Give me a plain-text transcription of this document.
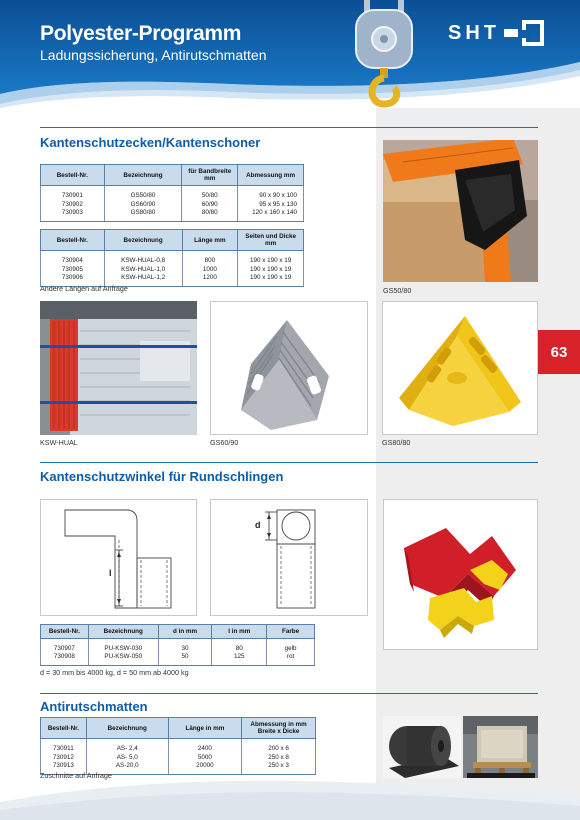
Polyester-Programm
Ladungssicherung, Antirutschmatten
SHT
63
Kantenschutzecken/Kantenschoner
Bestell-Nr.	Bezeichnung	für Bandbreite mm	Abmessung mm

730901	GS50/80	50/80	90 x 90 x 100
730902	GS60/90	60/90	95 x 95 x 130
730903	GS80/80	80/80	120 x 160 x 140
Bestell-Nr.	Bezeichnung	Länge mm	Seiten und Dicke mm

730904	KSW-HUAL-0,8	800	190 x 190 x 19
730905	KSW-HUAL-1,0	1000	190 x 190 x 19
730906	KSW-HUAL-1,2	1200	190 x 190 x 19
Andere Längen auf Anfrage	GS50/80
KSW-HUAL	GS60/90	GS80/80
Kantenschutzwinkel für Rundschlingen
l
d
Bestell-Nr.	Bezeichnung	d in mm	l in mm	Farbe

730907	PU-KSW-030	30	80	gelb
730908	PU-KSW-050	50	125	rot
d = 30 mm bis 4000 kg, d = 50 mm ab 4000 kg
Antirutschmatten
Bestell-Nr.	Bezeichnung	Länge in mm	Abmessung in mm Breite x Dicke

730911	AS- 2,4	2400	200 x 6
730912	AS- 5,0	5000	250 x 8
730913	AS-20,0	20000	250 x 3
Zuschnitte auf Anfrage
